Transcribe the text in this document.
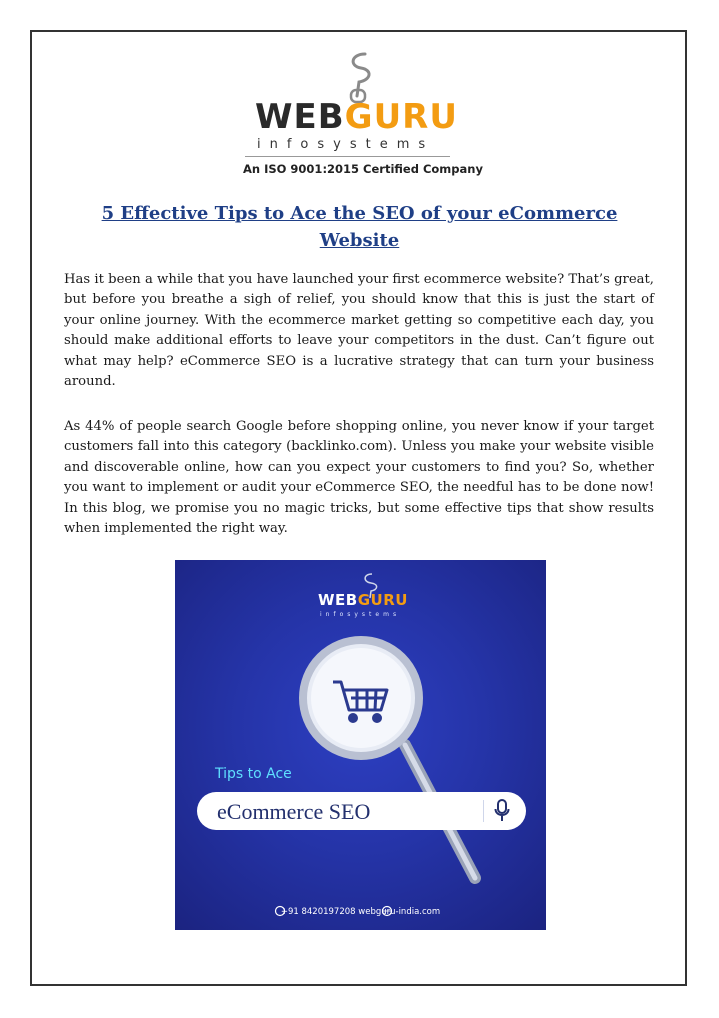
WEBGURU
infosystems
An ISO 9001:2015 Certified Company
5 Effective Tips to Ace the SEO of your eCommerce Website

Has it been a while that you have launched your first ecommerce website? That’s great, but before you breathe a sigh of relief, you should know that this is just the start of your online journey. With the ecommerce market getting so competitive each day, you should make additional efforts to leave your competitors in the dust. Can’t figure out what may help? eCommerce SEO is a lucrative strategy that can turn your business around.

As 44% of people search Google before shopping online, you never know if your target customers fall into this category (backlinko.com). Unless you make your website visible and discoverable online, how can you expect your customers to find you? So, whether you want to implement or audit your eCommerce SEO, the needful has to be done now! In this blog, we promise you no magic tricks, but some effective tips that show results when implemented the right way.

WEBGURU
infosystems
Tips to Ace
eCommerce SEO
+91 8420197208 webguru-india.com
